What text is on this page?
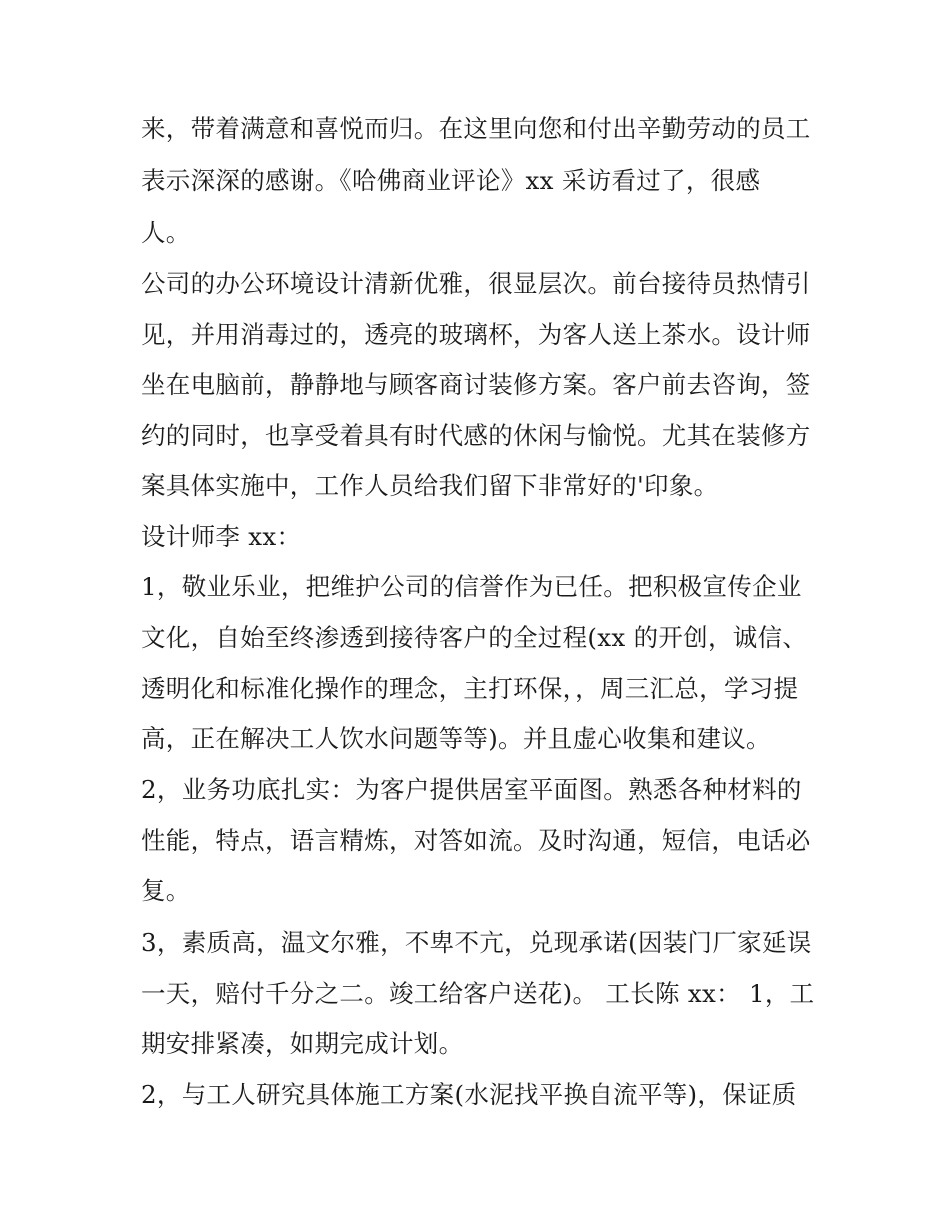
来，带着满意和喜悦而归。在这里向您和付出辛勤劳动的员工
表示深深的感谢。《哈佛商业评论》xx 采访看过了，很感
人。
公司的办公环境设计清新优雅，很显层次。前台接待员热情引
见，并用消毒过的，透亮的玻璃杯，为客人送上茶水。设计师
坐在电脑前，静静地与顾客商讨装修方案。客户前去咨询，签
约的同时，也享受着具有时代感的休闲与愉悦。尤其在装修方
案具体实施中，工作人员给我们留下非常好的'印象。
设计师李 xx：
1，敬业乐业，把维护公司的信誉作为已任。把积极宣传企业
文化，自始至终渗透到接待客户的全过程(xx 的开创，诚信、
透明化和标准化操作的理念，主打环保，，周三汇总，学习提
高，正在解决工人饮水问题等等)。并且虚心收集和建议。
2，业务功底扎实：为客户提供居室平面图。熟悉各种材料的
性能，特点，语言精炼，对答如流。及时沟通，短信，电话必
复。
3，素质高，温文尔雅，不卑不亢，兑现承诺(因装门厂家延误
一天，赔付千分之二。竣工给客户送花)。 工长陈 xx： 1，工
期安排紧凑，如期完成计划。
2，与工人研究具体施工方案(水泥找平换自流平等)，保证质
